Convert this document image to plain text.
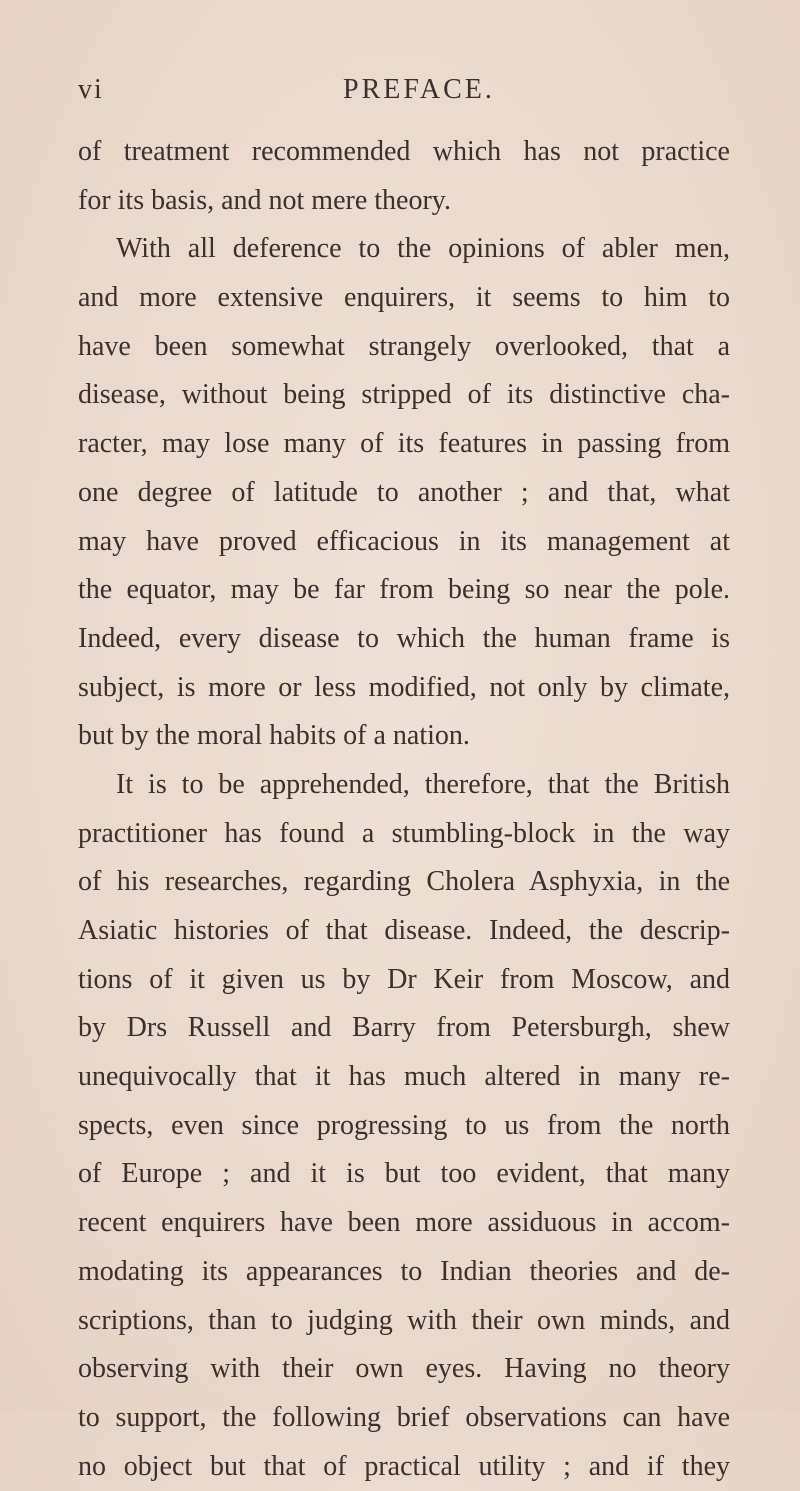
vi	PREFACE.
of treatment recommended which has not practice
for its basis, and not mere theory.
With all deference to the opinions of abler men,
and more extensive enquirers, it seems to him to
have been somewhat strangely overlooked, that a
disease, without being stripped of its distinctive cha-
racter, may lose many of its features in passing from
one degree of latitude to another ; and that, what
may have proved efficacious in its management at
the equator, may be far from being so near the pole.
Indeed, every disease to which the human frame is
subject, is more or less modified, not only by climate,
but by the moral habits of a nation.
It is to be apprehended, therefore, that the British
practitioner has found a stumbling-block in the way
of his researches, regarding Cholera Asphyxia, in the
Asiatic histories of that disease. Indeed, the descrip-
tions of it given us by Dr Keir from Moscow, and
by Drs Russell and Barry from Petersburgh, shew
unequivocally that it has much altered in many re-
spects, even since progressing to us from the north
of Europe ; and it is but too evident, that many
recent enquirers have been more assiduous in accom-
modating its appearances to Indian theories and de-
scriptions, than to judging with their own minds, and
observing with their own eyes. Having no theory
to support, the following brief observations can have
no object but that of practical utility ; and if they
